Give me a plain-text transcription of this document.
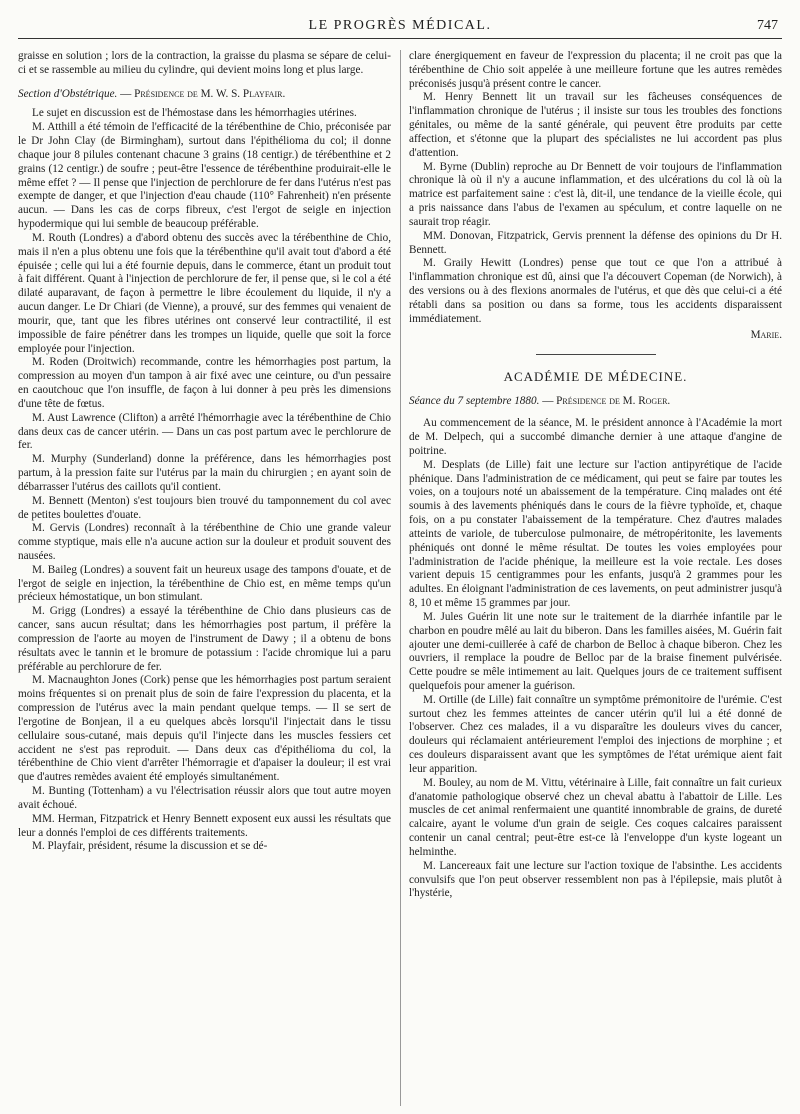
LE PROGRÈS MÉDICAL.	747

graisse en solution ; lors de la contraction, la graisse du plasma se sépare de celui-ci et se rassemble au milieu du cylindre, qui devient moins long et plus large.

Section d'Obstétrique. — Présidence de M. W. S. Playfair.

Le sujet en discussion est de l'hémostase dans les hémorrhagies utérines.

M. Atthill a été témoin de l'efficacité de la térébenthine de Chio, préconisée par le Dr John Clay (de Birmingham), surtout dans l'épithélioma du col; il donne chaque jour 8 pilules contenant chacune 3 grains (18 centigr.) de térébenthine et 2 grains (12 centigr.) de soufre ; peut-être l'essence de térébenthine produirait-elle le même effet ? — Il pense que l'injection de perchlorure de fer dans l'utérus n'est pas exempte de danger, et que l'injection d'eau chaude (110° Fahrenheit) n'en présente aucun. — Dans les cas de corps fibreux, c'est l'ergot de seigle en injection hypodermique qui lui semble de beaucoup préférable.

M. Routh (Londres) a d'abord obtenu des succès avec la térébenthine de Chio, mais il n'en a plus obtenu une fois que la térébenthine qu'il avait tout d'abord a été épuisée ; celle qui lui a été fournie depuis, dans le commerce, étant un produit tout à fait différent. Quant à l'injection de perchlorure de fer, il pense que, si le col a été dilaté auparavant, de façon à permettre le libre écoulement du liquide, il n'y a aucun danger. Le Dr Chiari (de Vienne), a prouvé, sur des femmes qui venaient de mourir, que, tant que les fibres utérines ont conservé leur contractilité, il est impossible de faire pénétrer dans les trompes un liquide, quelle que soit la force employée pour l'injection.

M. Roden (Droitwich) recommande, contre les hémorrhagies post partum, la compression au moyen d'un tampon à air fixé avec une ceinture, ou d'un pessaire en caoutchouc que l'on insuffle, de façon à lui donner à peu près les dimensions d'une tête de fœtus.

M. Aust Lawrence (Clifton) a arrêté l'hémorrhagie avec la térébenthine de Chio dans deux cas de cancer utérin. — Dans un cas post partum avec le perchlorure de fer.

M. Murphy (Sunderland) donne la préférence, dans les hémorrhagies post partum, à la pression faite sur l'utérus par la main du chirurgien ; en ayant soin de débarrasser l'utérus des caillots qu'il contient.

M. Bennett (Menton) s'est toujours bien trouvé du tamponnement du col avec de petites boulettes d'ouate.

M. Gervis (Londres) reconnaît à la térébenthine de Chio une grande valeur comme styptique, mais elle n'a aucune action sur la douleur et produit souvent des nausées.

M. Baileg (Londres) a souvent fait un heureux usage des tampons d'ouate, et de l'ergot de seigle en injection, la térébenthine de Chio est, en même temps qu'un précieux hémostatique, un bon stimulant.

M. Grigg (Londres) a essayé la térébenthine de Chio dans plusieurs cas de cancer, sans aucun résultat; dans les hémorrhagies post partum, il préfère la compression de l'aorte au moyen de l'instrument de Dawy ; il a obtenu de bons résultats avec le tannin et le bromure de potassium : l'acide chromique lui a paru préférable au perchlorure de fer.

M. Macnaughton Jones (Cork) pense que les hémorrhagies post partum seraient moins fréquentes si on prenait plus de soin de faire l'expression du placenta, et la compression de l'utérus avec la main pendant quelque temps. — Il se sert de l'ergotine de Bonjean, il a eu quelques abcès lorsqu'il l'injectait dans le tissu cellulaire sous-cutané, mais depuis qu'il l'injecte dans les muscles fessiers cet accident ne s'est pas reproduit. — Dans deux cas d'épithélioma du col, la térébenthine de Chio vient d'arrêter l'hémorragie et d'apaiser la douleur; il est vrai que d'autres remèdes avaient été employés simultanément.

M. Bunting (Tottenham) a vu l'électrisation réussir alors que tout autre moyen avait échoué.

MM. Herman, Fitzpatrick et Henry Bennett exposent eux aussi les résultats que leur a donnés l'emploi de ces différents traitements.

M. Playfair, président, résume la discussion et se dé-

clare énergiquement en faveur de l'expression du placenta; il ne croit pas que la térébenthine de Chio soit appelée à une meilleure fortune que les autres remèdes préconisés jusqu'à présent contre le cancer.

M. Henry Bennett lit un travail sur les fâcheuses conséquences de l'inflammation chronique de l'utérus ; il insiste sur tous les troubles des fonctions génitales, ou même de la santé générale, qui peuvent être produits par cette affection, et s'étonne que la plupart des spécialistes ne lui accordent pas plus d'attention.

M. Byrne (Dublin) reproche au Dr Bennett de voir toujours de l'inflammation chronique là où il n'y a aucune inflammation, et des ulcérations du col là où la matrice est parfaitement saine : c'est là, dit-il, une tendance de la vieille école, qui a pris naissance dans l'abus de l'examen au spéculum, et contre laquelle on ne saurait trop réagir.

MM. Donovan, Fitzpatrick, Gervis prennent la défense des opinions du Dr H. Bennett.

M. Graily Hewitt (Londres) pense que tout ce que l'on a attribué à l'inflammation chronique est dû, ainsi que l'a découvert Copeman (de Norwich), à des versions ou à des flexions anormales de l'utérus, et que dès que celui-ci a été rétabli dans sa position ou dans sa forme, tous les accidents disparaissent immédiatement.

Marie.
ACADÉMIE DE MÉDECINE.
Séance du 7 septembre 1880. — Présidence de M. Roger.

Au commencement de la séance, M. le président annonce à l'Académie la mort de M. Delpech, qui a succombé dimanche dernier à une attaque d'angine de poitrine.

M. Desplats (de Lille) fait une lecture sur l'action antipyrétique de l'acide phénique. Dans l'administration de ce médicament, qui peut se faire par toutes les voies, on a toujours noté un abaissement de la température. Cinq malades ont été soumis à des lavements phéniqués dans le cours de la fièvre typhoïde, et, chaque fois, on a pu constater l'abaissement de la température. Chez d'autres malades atteints de variole, de tuberculose pulmonaire, de métropéritonite, les lavements phéniqués ont donné le même résultat. De toutes les voies employées pour l'administration de l'acide phénique, la meilleure est la voie rectale. Les doses varient depuis 15 centigrammes pour les enfants, jusqu'à 2 grammes pour les adultes. En éloignant l'administration de ces lavements, on peut administrer jusqu'à 8, 10 et même 15 grammes par jour.

M. Jules Guérin lit une note sur le traitement de la diarrhée infantile par le charbon en poudre mêlé au lait du biberon. Dans les familles aisées, M. Guérin fait ajouter une demi-cuillerée à café de charbon de Belloc à chaque biberon. Chez les ouvriers, il remplace la poudre de Belloc par de la braise finement pulvérisée. Cette poudre se mêle intimement au lait. Quelques jours de ce traitement suffisent quelquefois pour amener la guérison.

M. Ortille (de Lille) fait connaître un symptôme prémonitoire de l'urémie. C'est surtout chez les femmes atteintes de cancer utérin qu'il lui a été donné de l'observer. Chez ces malades, il a vu disparaître les douleurs vives du cancer, douleurs qui réclamaient antérieurement l'emploi des injections de morphine ; et ces douleurs disparaissent avant que les symptômes de l'état urémique aient fait leur apparition.

M. Bouley, au nom de M. Vittu, vétérinaire à Lille, fait connaître un fait curieux d'anatomie pathologique observé chez un cheval abattu à l'abattoir de Lille. Les muscles de cet animal renfermaient une quantité innombrable de grains, de dureté calcaire, ayant le volume d'un grain de seigle. Ces coques calcaires paraissent contenir un canal central; peut-être est-ce là l'enveloppe d'un kyste logeant un helminthe.

M. Lancereaux fait une lecture sur l'action toxique de l'absinthe. Les accidents convulsifs que l'on peut observer ressemblent non pas à l'épilepsie, mais plutôt à l'hystérie,
